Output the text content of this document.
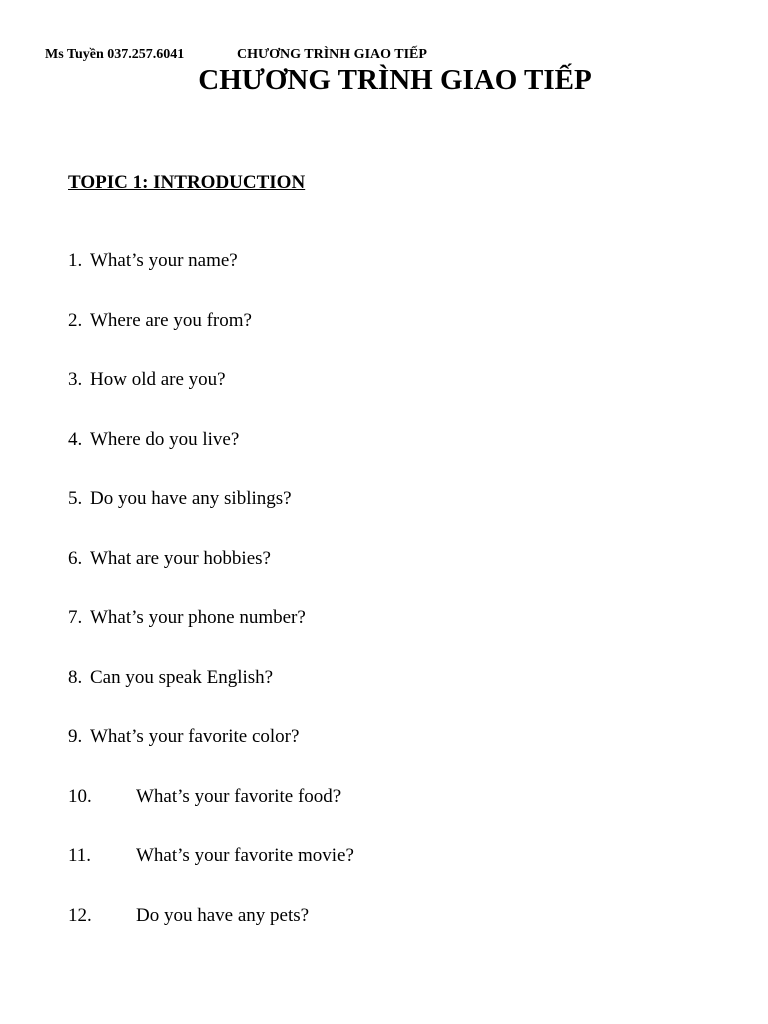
Ms Tuyền 037.257.6041	CHƯƠNG TRÌNH GIAO TIẾP
CHƯƠNG TRÌNH GIAO TIẾP
TOPIC 1: INTRODUCTION
1. What’s your name?
2. Where are you from?
3. How old are you?
4. Where do you live?
5. Do you have any siblings?
6. What are your hobbies?
7. What’s your phone number?
8. Can you speak English?
9. What’s your favorite color?
10. What’s your favorite food?
11. What’s your favorite movie?
12. Do you have any pets?
